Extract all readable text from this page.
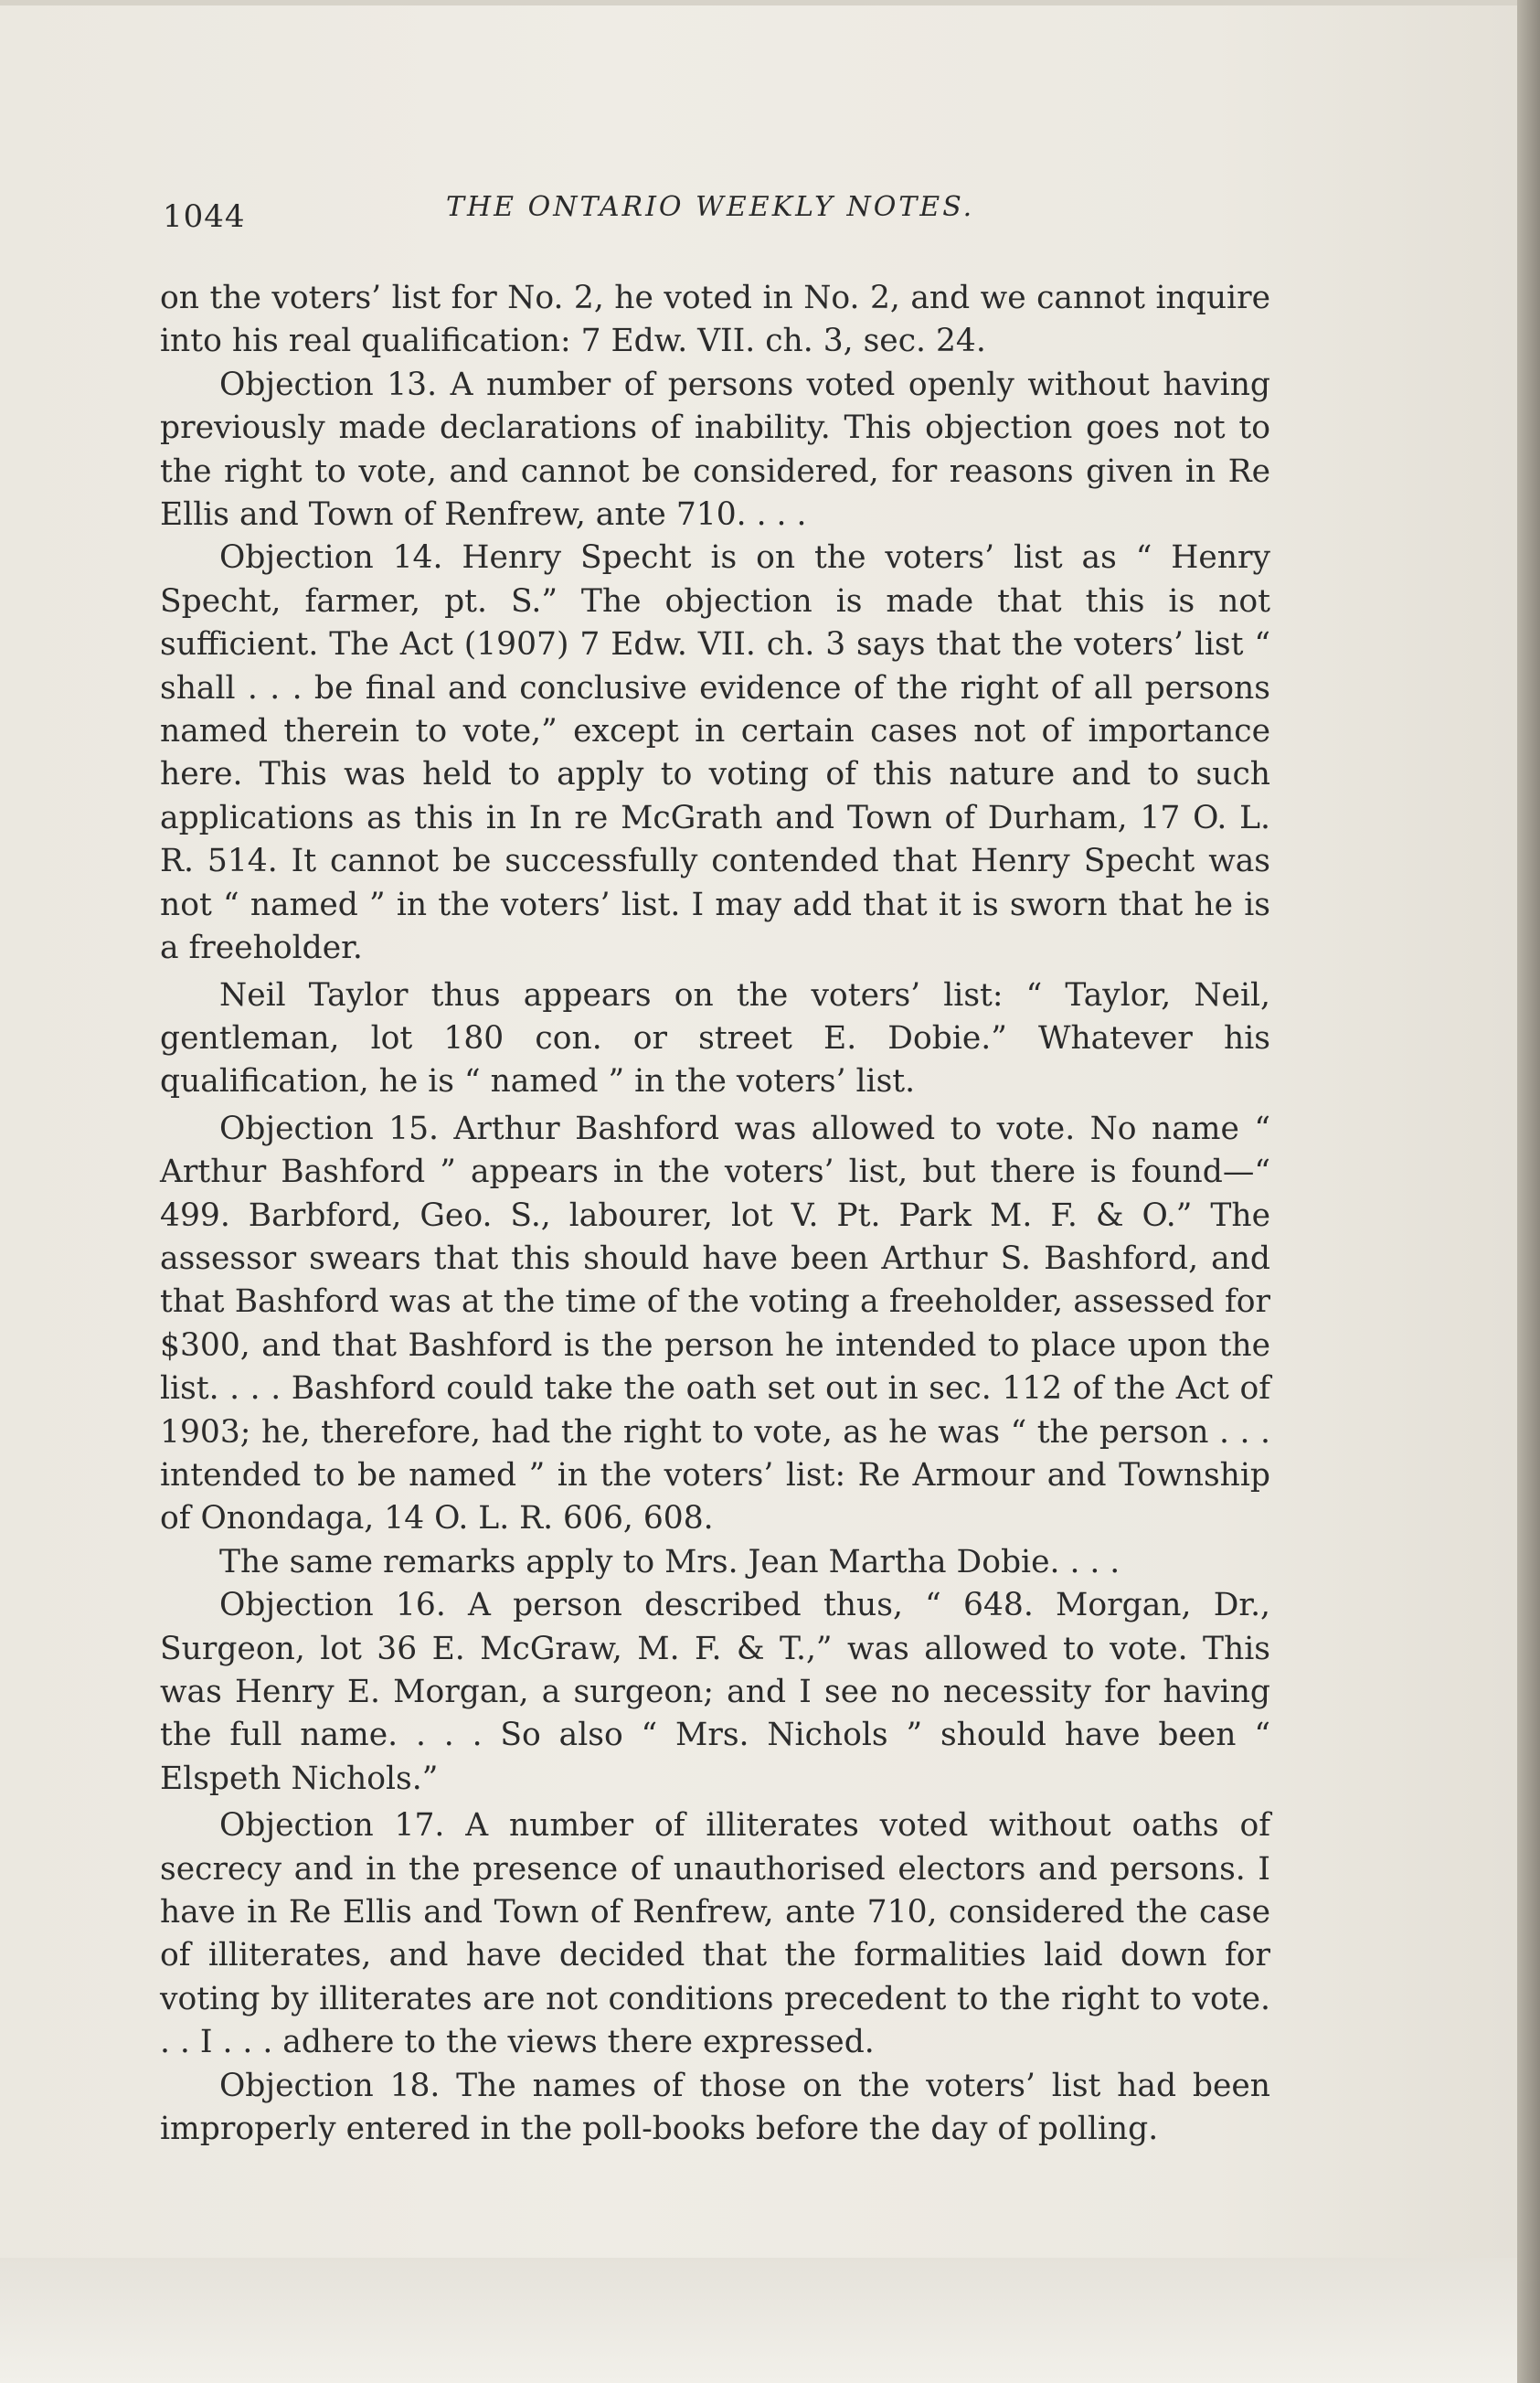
1044	THE ONTARIO WEEKLY NOTES.

on the voters’ list for No. 2, he voted in No. 2, and we cannot inquire into his real qualification: 7 Edw. VII. ch. 3, sec. 24.

Objection 13. A number of persons voted openly without having previously made declarations of inability. This objection goes not to the right to vote, and cannot be considered, for reasons given in Re Ellis and Town of Renfrew, ante 710. . . .

Objection 14. Henry Specht is on the voters’ list as “ Henry Specht, farmer, pt. S.” The objection is made that this is not sufficient. The Act (1907) 7 Edw. VII. ch. 3 says that the voters’ list “ shall . . . be final and conclusive evidence of the right of all persons named therein to vote,” except in certain cases not of importance here. This was held to apply to voting of this nature and to such applications as this in In re McGrath and Town of Durham, 17 O. L. R. 514. It cannot be successfully contended that Henry Specht was not “ named ” in the voters’ list. I may add that it is sworn that he is a freeholder.

Neil Taylor thus appears on the voters’ list: “ Taylor, Neil, gentleman, lot 180 con. or street E. Dobie.” Whatever his qualification, he is “ named ” in the voters’ list.

Objection 15. Arthur Bashford was allowed to vote. No name “ Arthur Bashford ” appears in the voters’ list, but there is found—“ 499. Barbford, Geo. S., labourer, lot V. Pt. Park M. F. & O.” The assessor swears that this should have been Arthur S. Bashford, and that Bashford was at the time of the voting a freeholder, assessed for $300, and that Bashford is the person he intended to place upon the list. . . . Bashford could take the oath set out in sec. 112 of the Act of 1903; he, therefore, had the right to vote, as he was “ the person . . . intended to be named ” in the voters’ list: Re Armour and Township of Onondaga, 14 O. L. R. 606, 608.

The same remarks apply to Mrs. Jean Martha Dobie. . . .

Objection 16. A person described thus, “ 648. Morgan, Dr., Surgeon, lot 36 E. McGraw, M. F. & T.,” was allowed to vote. This was Henry E. Morgan, a surgeon; and I see no necessity for having the full name. . . . So also “ Mrs. Nichols ” should have been “ Elspeth Nichols.”

Objection 17. A number of illiterates voted without oaths of secrecy and in the presence of unauthorised electors and persons. I have in Re Ellis and Town of Renfrew, ante 710, considered the case of illiterates, and have decided that the formalities laid down for voting by illiterates are not conditions precedent to the right to vote. . . I . . . adhere to the views there expressed.

Objection 18. The names of those on the voters’ list had been improperly entered in the poll-books before the day of polling.
